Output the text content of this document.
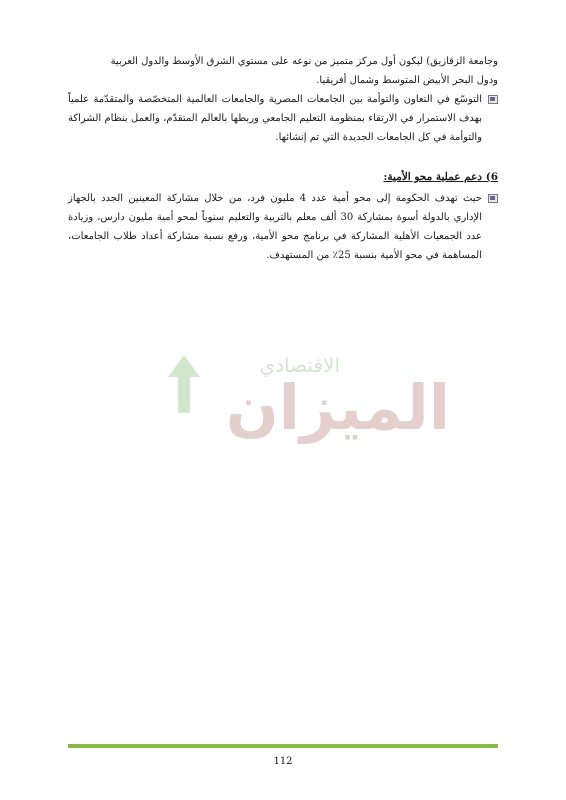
وجامعة الزقازيق) ليكون أول مركز متميز من نوعه على مستوي الشرق الأوسط والدول العربية

ودول البحر الأبيض المتوسط وشمال أفريقيا.

التوسّع في التعاون والتوأمة بين الجامعات المصرية والجامعات العالمية المتخصّصة والمتقدّمة علمياً بهدف الاستمرار في الارتقاء بمنظومة التعليم الجامعي وربطها بالعالم المتقدّم، والعمل بنظام الشراكة والتوأمة في كل الجامعات الجديدة التي تم إنشائها.

6) دعم عملية محو الأمية:

حيث تهدف الحكومة إلى محو أمية عدد 4 مليون فرد، من خلال مشاركة المعينين الجدد بالجهاز الإداري بالدولة أسوة بمشاركة 30 ألف معلم بالتربية والتعليم سنوياً لمحو أمية مليون دارس، وزيادة عدد الجمعيات الأهلية المشاركة في برنامج محو الأمية، ورفع نسبة مشاركة أعداد طلاب الجامعات، المساهمة في محو الأمية بنسبة 25٪ من المستهدف.
الاقتصادي
الميزان
112
